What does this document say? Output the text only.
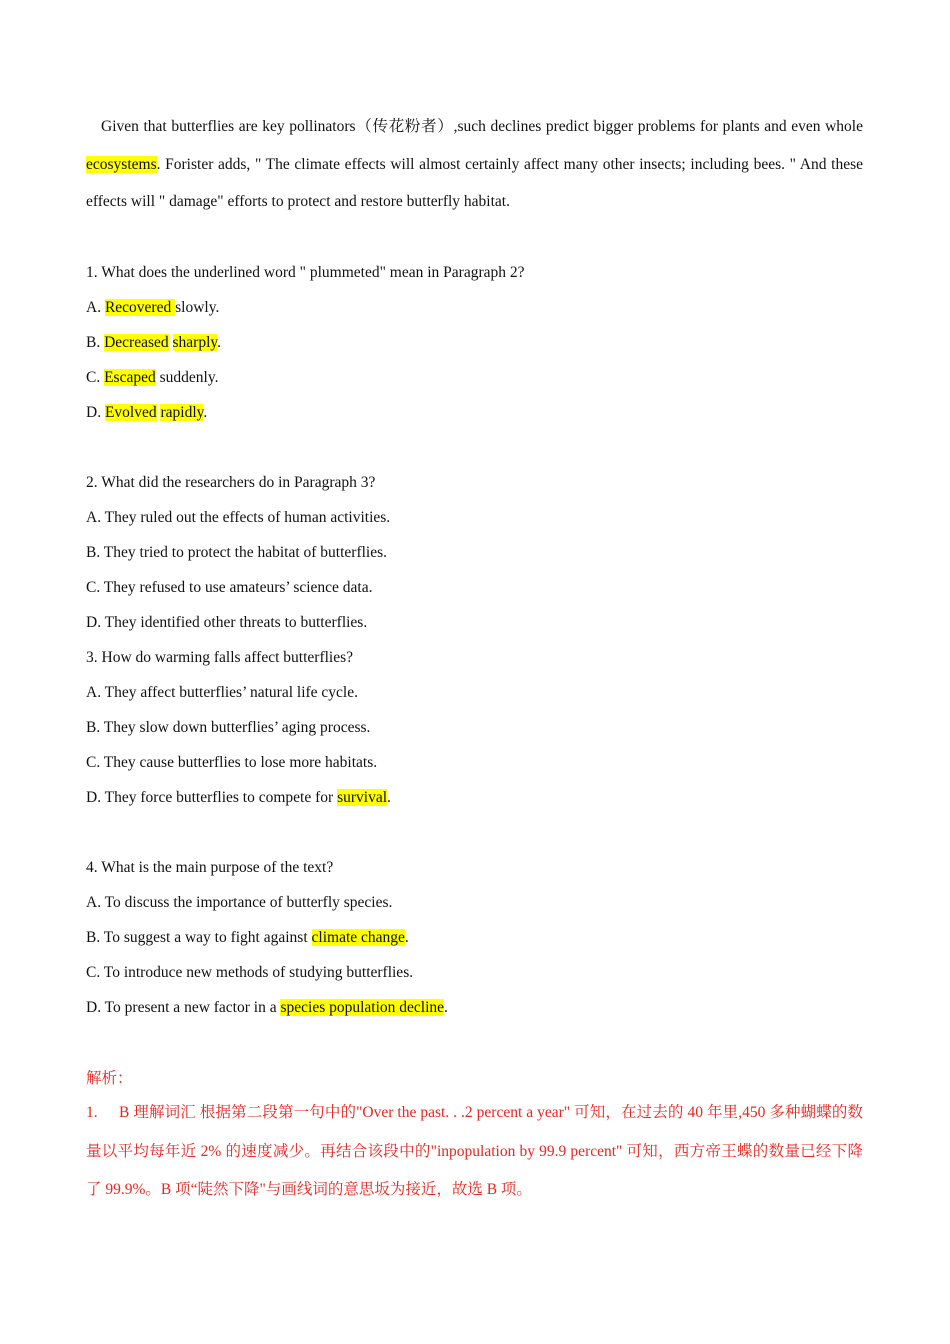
Given that butterflies are key pollinators（传花粉者）,such declines predict bigger problems for plants and even whole ecosystems. Forister adds, " The climate effects will almost certainly affect many other insects; including bees. " And these effects will " damage" efforts to protect and restore butterfly habitat.

1. What does the underlined word " plummeted" mean in Paragraph 2?
A. Recovered slowly.
B. Decreased sharply.
C. Escaped suddenly.
D. Evolved rapidly.
2. What did the researchers do in Paragraph 3?
A. They ruled out the effects of human activities.
B. They tried to protect the habitat of butterflies.
C. They refused to use amateurs’ science data.
D. They identified other threats to butterflies.
3. How do warming falls affect butterflies?
A. They affect butterflies’ natural life cycle.
B. They slow down butterflies’ aging process.
C. They cause butterflies to lose more habitats.
D. They force butterflies to compete for survival.
4. What is the main purpose of the text?
A. To discuss the importance of butterfly species.
B. To suggest a way to fight against climate change.
C. To introduce new methods of studying butterflies.
D. To present a new factor in a species population decline.
解析：

1. B 理解词汇 根据第二段第一句中的"Over the past. . .2 percent a year" 可知，在过去的 40 年里,450 多种蝴蝶的数量以平均每年近 2% 的速度减少。再结合该段中的"inpopulation by 99.9 percent" 可知，西方帝王蝶的数量已经下降了 99.9%。B 项“陡然下降"与画线词的意思坂为接近，故选 B 项。
